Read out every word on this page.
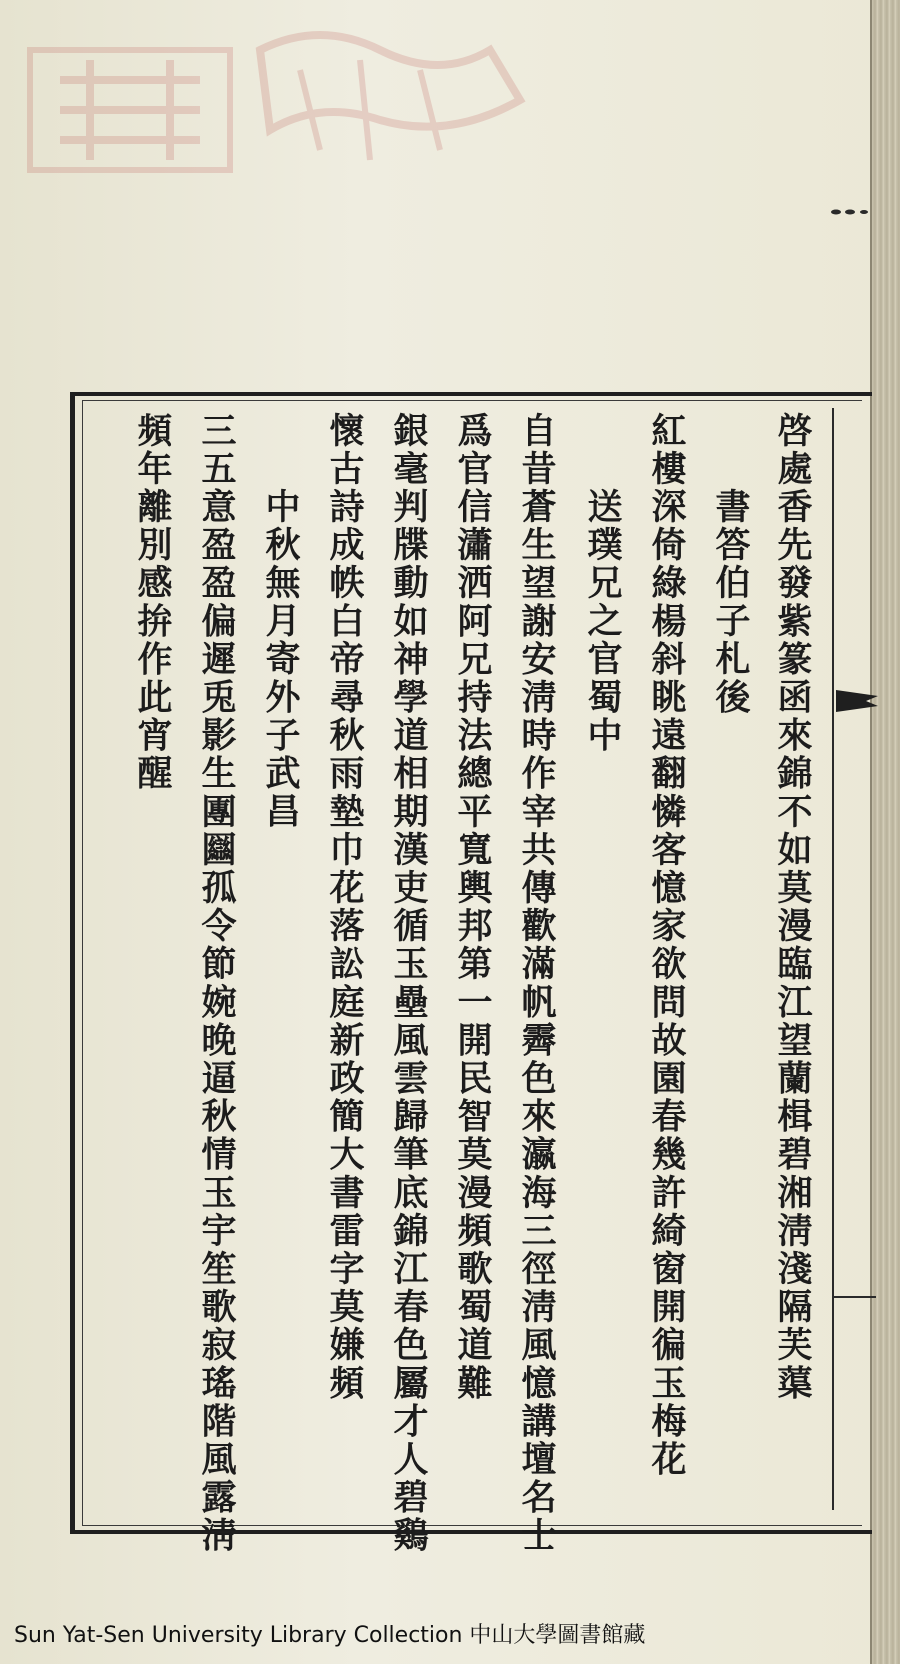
啓處香先發紫篆函來錦不如莫漫臨江望蘭楫碧湘淸淺隔芙蕖
書答伯子札後
紅樓深倚綠楊斜眺遠翻憐客憶家欲問故園春幾許綺窗開徧玉梅花
送璞兄之官蜀中
自昔蒼生望謝安淸時作宰共傳歡滿帆霽色來瀛海三徑淸風憶講壇名士
爲官信瀟洒阿兄持法總平寬輿邦第一開民智莫漫頻歌蜀道難
銀毫判牒動如神學道相期漢吏循玉壘風雲歸筆底錦江春色屬才人碧鷄
懷古詩成帙白帝尋秋雨墊巾花落訟庭新政簡大書雷字莫嫌頻
中秋無月寄外子武昌
三五意盈盈偏遲兎影生團圝孤令節婉晚逼秋情玉宇笙歌寂瑤階風露淸
頻年離別感拚作此宵醒
Sun Yat-Sen University Library Collection 中山大學圖書館藏
